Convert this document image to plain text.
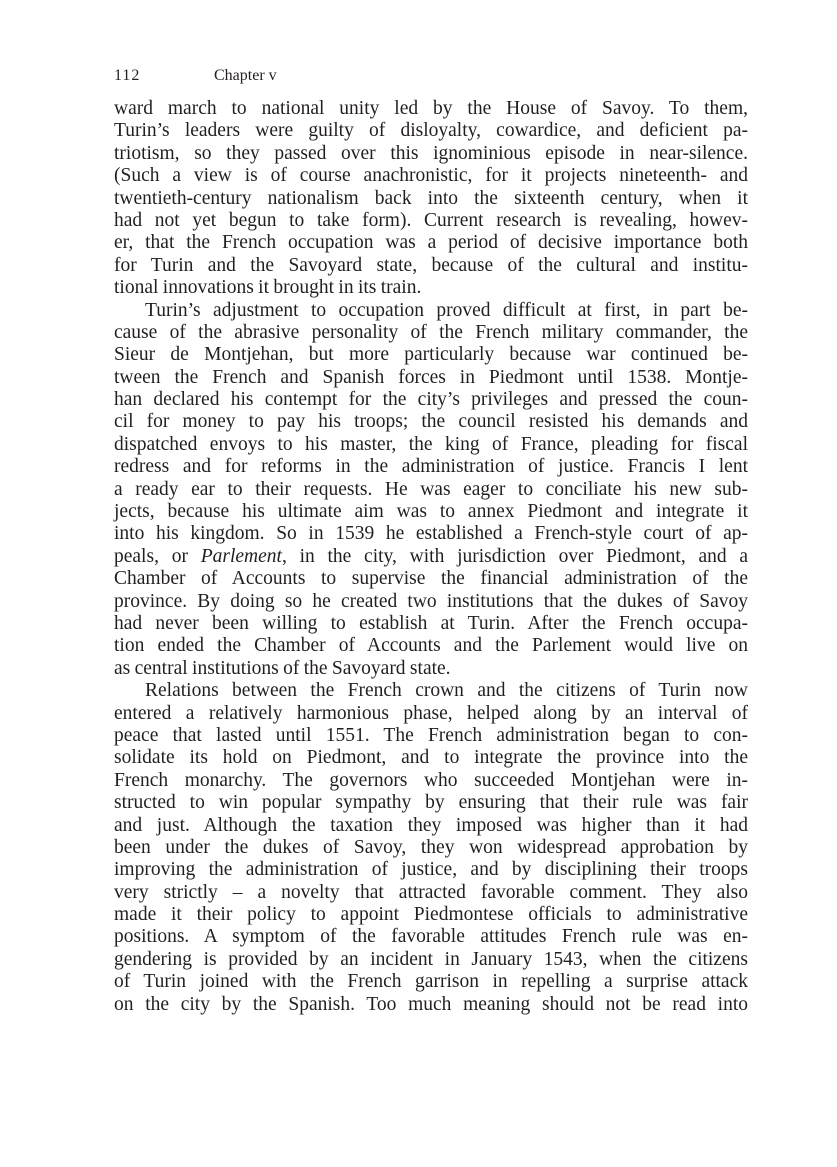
112	Chapter v
ward march to national unity led by the House of Savoy. To them,
Turin’s leaders were guilty of disloyalty, cowardice, and deficient pa-
triotism, so they passed over this ignominious episode in near-silence.
(Such a view is of course anachronistic, for it projects nineteenth- and
twentieth-century nationalism back into the sixteenth century, when it
had not yet begun to take form). Current research is revealing, howev-
er, that the French occupation was a period of decisive importance both
for Turin and the Savoyard state, because of the cultural and institu-
tional innovations it brought in its train.
Turin’s adjustment to occupation proved difficult at first, in part be-
cause of the abrasive personality of the French military commander, the
Sieur de Montjehan, but more particularly because war continued be-
tween the French and Spanish forces in Piedmont until 1538. Montje-
han declared his contempt for the city’s privileges and pressed the coun-
cil for money to pay his troops; the council resisted his demands and
dispatched envoys to his master, the king of France, pleading for fiscal
redress and for reforms in the administration of justice. Francis I lent
a ready ear to their requests. He was eager to conciliate his new sub-
jects, because his ultimate aim was to annex Piedmont and integrate it
into his kingdom. So in 1539 he established a French-style court of ap-
peals, or Parlement, in the city, with jurisdiction over Piedmont, and a
Chamber of Accounts to supervise the financial administration of the
province. By doing so he created two institutions that the dukes of Savoy
had never been willing to establish at Turin. After the French occupa-
tion ended the Chamber of Accounts and the Parlement would live on
as central institutions of the Savoyard state.
Relations between the French crown and the citizens of Turin now
entered a relatively harmonious phase, helped along by an interval of
peace that lasted until 1551. The French administration began to con-
solidate its hold on Piedmont, and to integrate the province into the
French monarchy. The governors who succeeded Montjehan were in-
structed to win popular sympathy by ensuring that their rule was fair
and just. Although the taxation they imposed was higher than it had
been under the dukes of Savoy, they won widespread approbation by
improving the administration of justice, and by disciplining their troops
very strictly – a novelty that attracted favorable comment. They also
made it their policy to appoint Piedmontese officials to administrative
positions. A symptom of the favorable attitudes French rule was en-
gendering is provided by an incident in January 1543, when the citizens
of Turin joined with the French garrison in repelling a surprise attack
on the city by the Spanish. Too much meaning should not be read into
